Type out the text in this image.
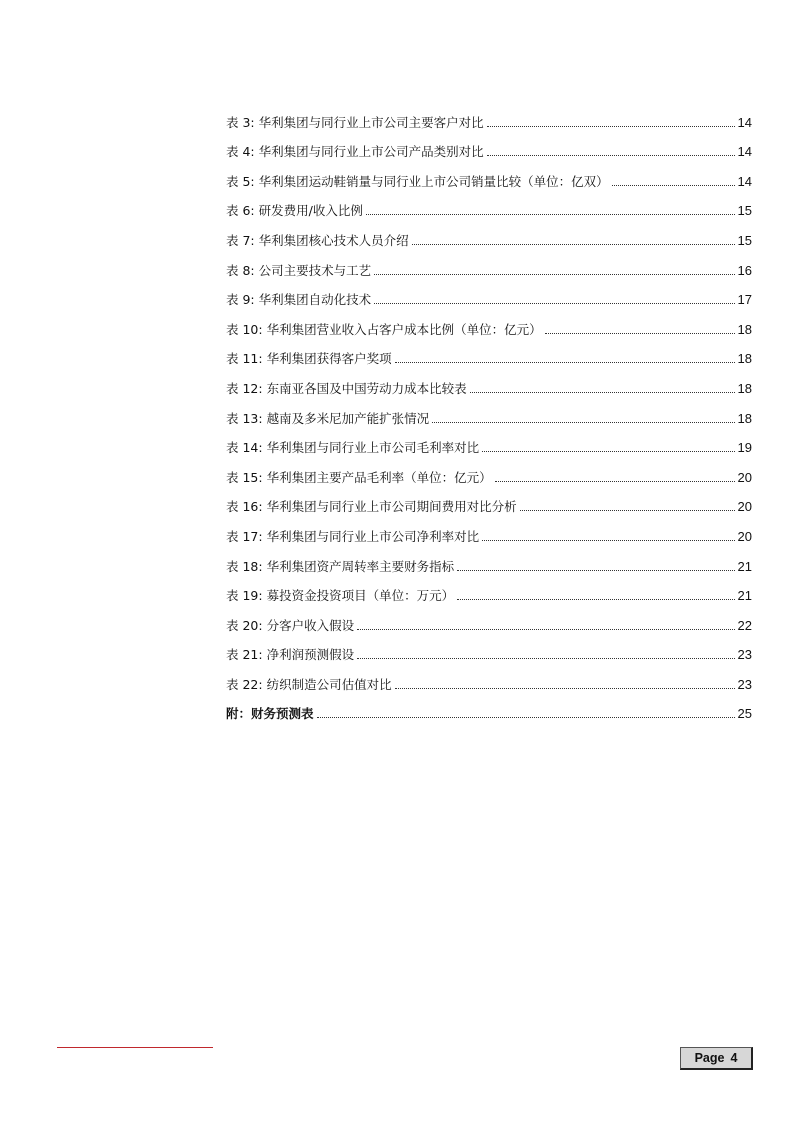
表 3: 华利集团与同行业上市公司主要客户对比	14
表 4: 华利集团与同行业上市公司产品类别对比	14
表 5: 华利集团运动鞋销量与同行业上市公司销量比较（单位：亿双）	14
表 6: 研发费用/收入比例	15
表 7: 华利集团核心技术人员介绍	15
表 8: 公司主要技术与工艺	16
表 9: 华利集团自动化技术	17
表 10: 华利集团营业收入占客户成本比例（单位：亿元）	18
表 11: 华利集团获得客户奖项	18
表 12: 东南亚各国及中国劳动力成本比较表	18
表 13: 越南及多米尼加产能扩张情况	18
表 14: 华利集团与同行业上市公司毛利率对比	19
表 15: 华利集团主要产品毛利率（单位：亿元）	20
表 16: 华利集团与同行业上市公司期间费用对比分析	20
表 17: 华利集团与同行业上市公司净利率对比	20
表 18: 华利集团资产周转率主要财务指标	21
表 19: 募投资金投资项目（单位：万元）	21
表 20: 分客户收入假设	22
表 21: 净利润预测假设	23
表 22: 纺织制造公司估值对比	23
附：财务预测表	25
Page 4
